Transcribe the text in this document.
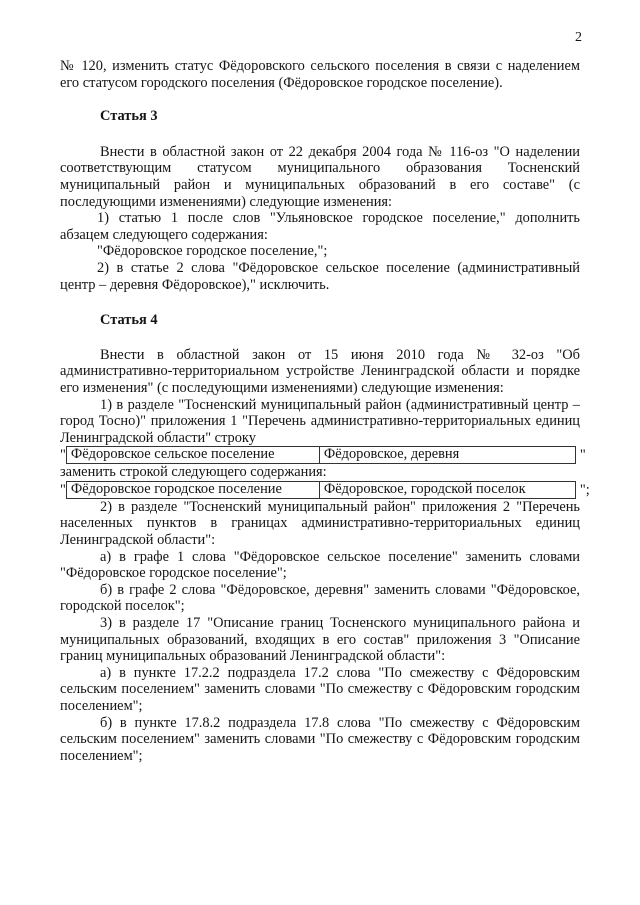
2

№ 120, изменить статус Фёдоровского сельского поселения в связи с наделением его статусом городского поселения (Фёдоровское городское поселение).

Статья 3

Внести в областной закон от 22 декабря 2004 года № 116-оз "О наделении соответствующим статусом муниципального образования Тосненский муниципальный район и муниципальных образований в его составе" (с последующими изменениями) следующие изменения:

1) статью 1 после слов "Ульяновское городское поселение," дополнить абзацем следующего содержания:

"Фёдоровское городское поселение,";

2) в статье 2 слова "Фёдоровское сельское поселение (административный центр – деревня Фёдоровское)," исключить.

Статья 4

Внести в областной закон от 15 июня 2010 года № 32-оз "Об административно-территориальном устройстве Ленинградской области и порядке его изменения" (с последующими изменениями) следующие изменения:

1) в разделе "Тосненский муниципальный район (административный центр – город Тосно)" приложения 1 "Перечень административно-территориальных единиц Ленинградской области" строку

" Фёдоровское сельское поселение	Фёдоровское, деревня	"

заменить строкой следующего содержания:

" Фёдоровское городское поселение	Фёдоровское, городской поселок	";

2) в разделе "Тосненский муниципальный район" приложения 2 "Перечень населенных пунктов в границах административно-территориальных единиц Ленинградской области":

а) в графе 1 слова "Фёдоровское сельское поселение" заменить словами "Фёдоровское городское поселение";

б) в графе 2 слова "Фёдоровское, деревня" заменить словами "Фёдоровское, городской поселок";

3) в разделе 17 "Описание границ Тосненского муниципального района и муниципальных образований, входящих в его состав" приложения 3 "Описание границ муниципальных образований Ленинградской области":

а) в пункте 17.2.2 подраздела 17.2 слова "По смежеству с Фёдоровским сельским поселением" заменить словами "По смежеству с Фёдоровским городским поселением";

б) в пункте 17.8.2 подраздела 17.8 слова "По смежеству с Фёдоровским сельским поселением" заменить словами "По смежеству с Фёдоровским городским поселением";
